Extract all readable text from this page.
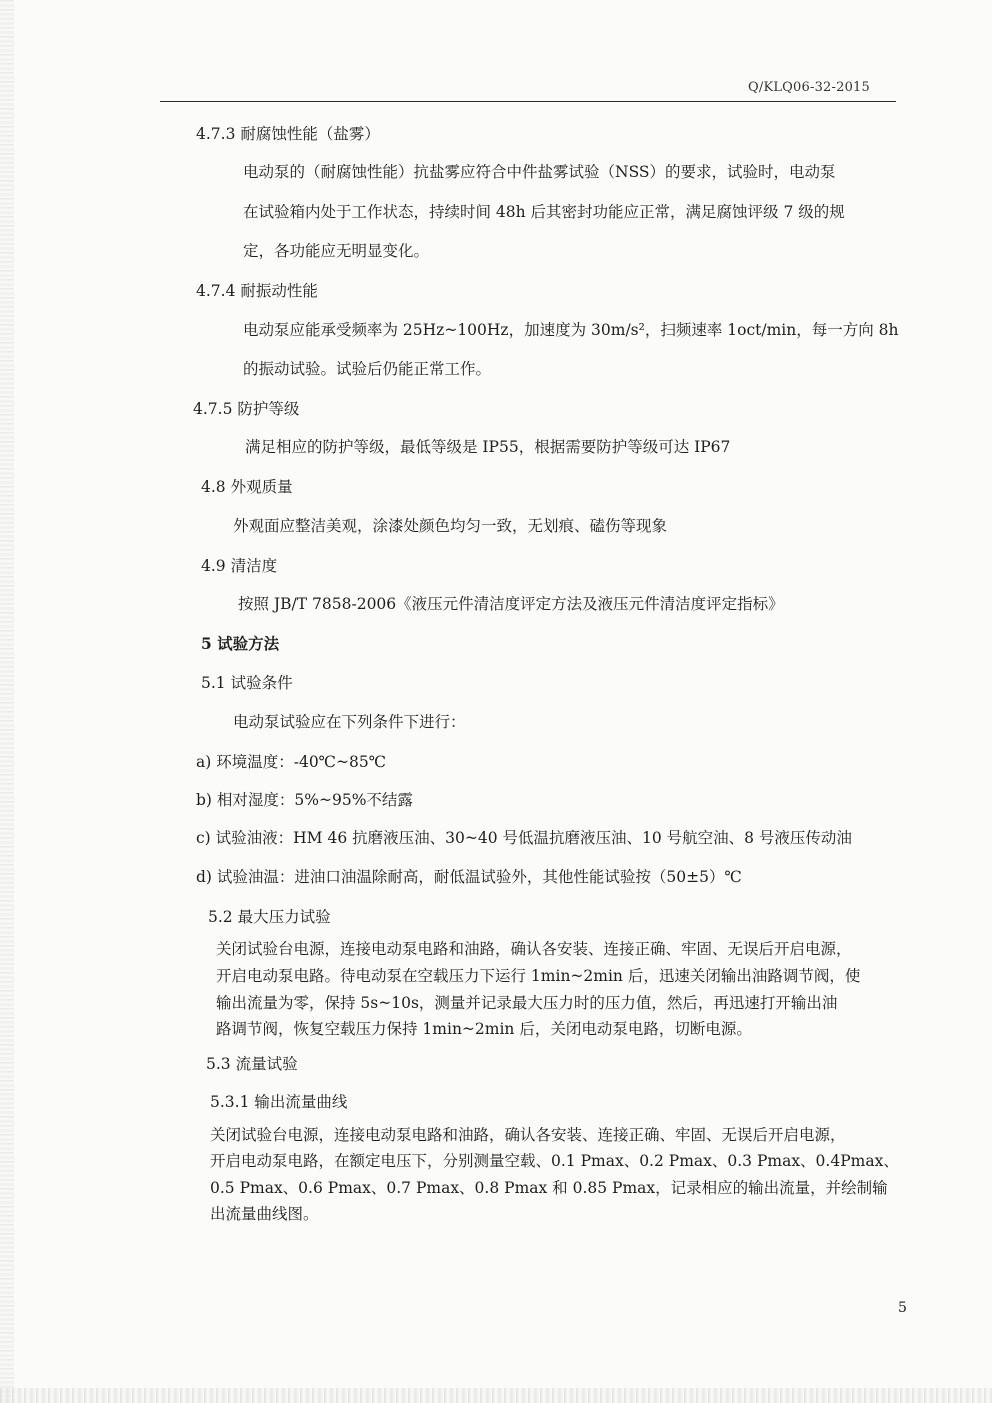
Q/KLQ06-32-2015
4.7.3 耐腐蚀性能（盐雾）
电动泵的（耐腐蚀性能）抗盐雾应符合中件盐雾试验（NSS）的要求，试验时，电动泵
在试验箱内处于工作状态，持续时间 48h 后其密封功能应正常，满足腐蚀评级 7 级的规
定，各功能应无明显变化。
4.7.4 耐振动性能
电动泵应能承受频率为 25Hz~100Hz，加速度为 30m/s²，扫频速率 1oct/min，每一方向 8h
的振动试验。试验后仍能正常工作。
4.7.5 防护等级
满足相应的防护等级，最低等级是 IP55，根据需要防护等级可达 IP67
4.8 外观质量
外观面应整洁美观，涂漆处颜色均匀一致，无划痕、磕伤等现象
4.9 清洁度
按照 JB/T 7858-2006《液压元件清洁度评定方法及液压元件清洁度评定指标》
5 试验方法
5.1 试验条件
电动泵试验应在下列条件下进行：
a) 环境温度：-40℃~85℃
b) 相对湿度：5%~95%不结露
c) 试验油液：HM 46 抗磨液压油、30~40 号低温抗磨液压油、10 号航空油、8 号液压传动油
d) 试验油温：进油口油温除耐高，耐低温试验外，其他性能试验按（50±5）℃
5.2 最大压力试验
关闭试验台电源，连接电动泵电路和油路，确认各安装、连接正确、牢固、无误后开启电源，
开启电动泵电路。待电动泵在空载压力下运行 1min~2min 后，迅速关闭输出油路调节阀，使
输出流量为零，保持 5s~10s，测量并记录最大压力时的压力值，然后，再迅速打开输出油
路调节阀，恢复空载压力保持 1min~2min 后，关闭电动泵电路，切断电源。
5.3 流量试验
5.3.1 输出流量曲线
关闭试验台电源，连接电动泵电路和油路，确认各安装、连接正确、牢固、无误后开启电源，
开启电动泵电路，在额定电压下，分别测量空载、0.1 Pmax、0.2 Pmax、0.3 Pmax、0.4Pmax、
0.5 Pmax、0.6 Pmax、0.7 Pmax、0.8 Pmax 和 0.85 Pmax，记录相应的输出流量，并绘制输
出流量曲线图。
5
